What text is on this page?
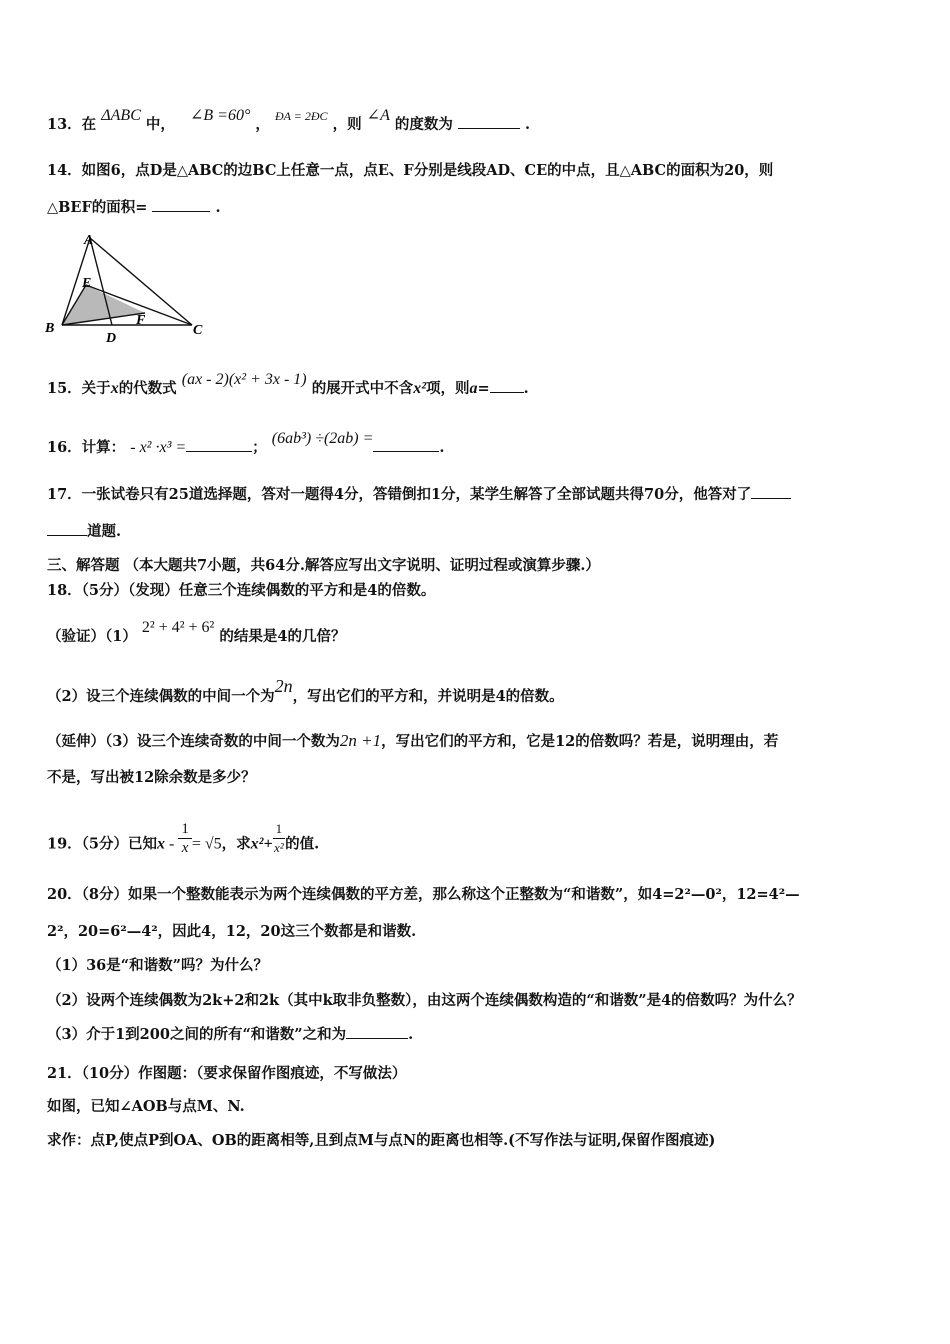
13．在 ΔABC 中， ∠B =60° ， $^{ÐA = 2ÐC}$ ，则 ∠A 的度数为	.
14．如图6，点D是△ABC的边BC上任意一点，点E、F分别是线段AD、CE的中点，且△ABC的面积为20，则
△BEF的面积=	.
A
B	C
D
E
F
15．关于x的代数式 (ax - 2)(x² + 3x - 1) 的展开式中不含x²项，则a= .
16．计算： - x² ·x³ =	； (6ab³) ÷(2ab) =.
17．一张试卷只有25道选择题，答对一题得4分，答错倒扣1分，某学生解答了全部试题共得70分，他答对了
道题.
三、解答题 （本大题共7小题，共64分.解答应写出文字说明、证明过程或演算步骤.）
18．（5分）（发现）任意三个连续偶数的平方和是4的倍数。
（验证）（1） 2² + 4² + 6² 的结果是4的几倍？
（2）设三个连续偶数的中间一个为2n，写出它们的平方和，并说明是4的倍数。
（延伸）（3）设三个连续奇数的中间一个数为2n +1，写出它们的平方和，它是12的倍数吗？若是，说明理由，若
不是，写出被12除余数是多少？
19．（5分）已知$x - \frac{1}{x} = √5$，求$x^2+ \frac{1}{\text{x²}}$ 的值.
20．（8分）如果一个整数能表示为两个连续偶数的平方差，那么称这个正整数为“和谐数”，如4=2²—0²，12=4²—
2²，20=6²—4²，因此4，12，20这三个数都是和谐数.
（1）36是“和谐数”吗？为什么？
（2）设两个连续偶数为2k+2和2k（其中k取非负整数），由这两个连续偶数构造的“和谐数”是4的倍数吗？为什么？
（3）介于1到200之间的所有“和谐数”之和为	.
21．（10分）作图题：（要求保留作图痕迹，不写做法）
如图，已知∠AOB与点M、N.
求作：点P,使点P到OA、OB的距离相等,且到点M与点N的距离也相等.(不写作法与证明,保留作图痕迹)
